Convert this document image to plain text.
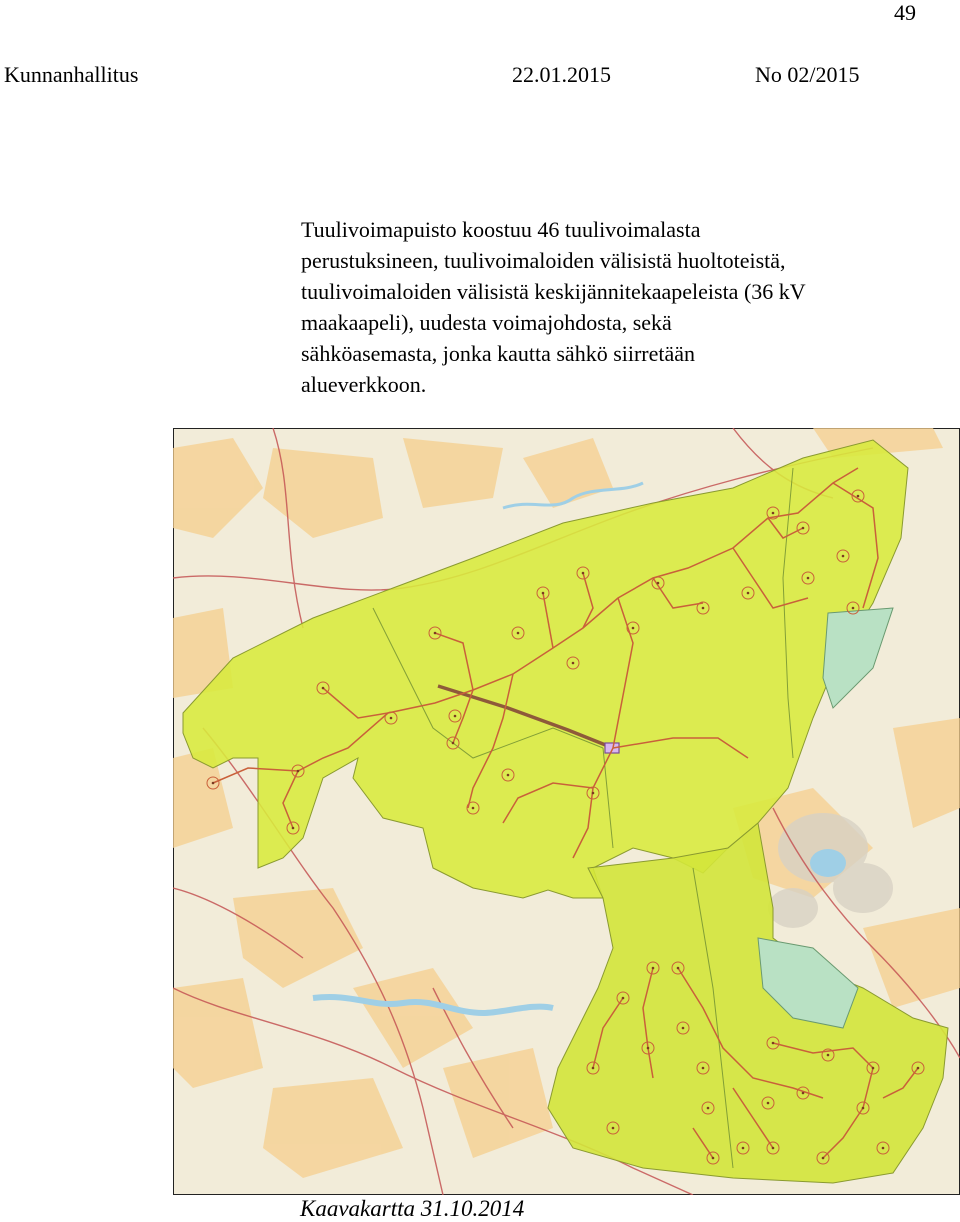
49
Kunnanhallitus	22.01.2015	No 02/2015

Tuulivoimapuisto koostuu 46 tuulivoimalasta
perustuksineen, tuulivoimaloiden välisistä huoltoteistä,
tuulivoimaloiden välisistä keskijännitekaapeleista (36 kV
maakaapeli), uudesta voimajohdosta, sekä
sähköasemasta, jonka kautta sähkö siirretään
alueverkkoon.

Kaavakartta 31.10.2014
